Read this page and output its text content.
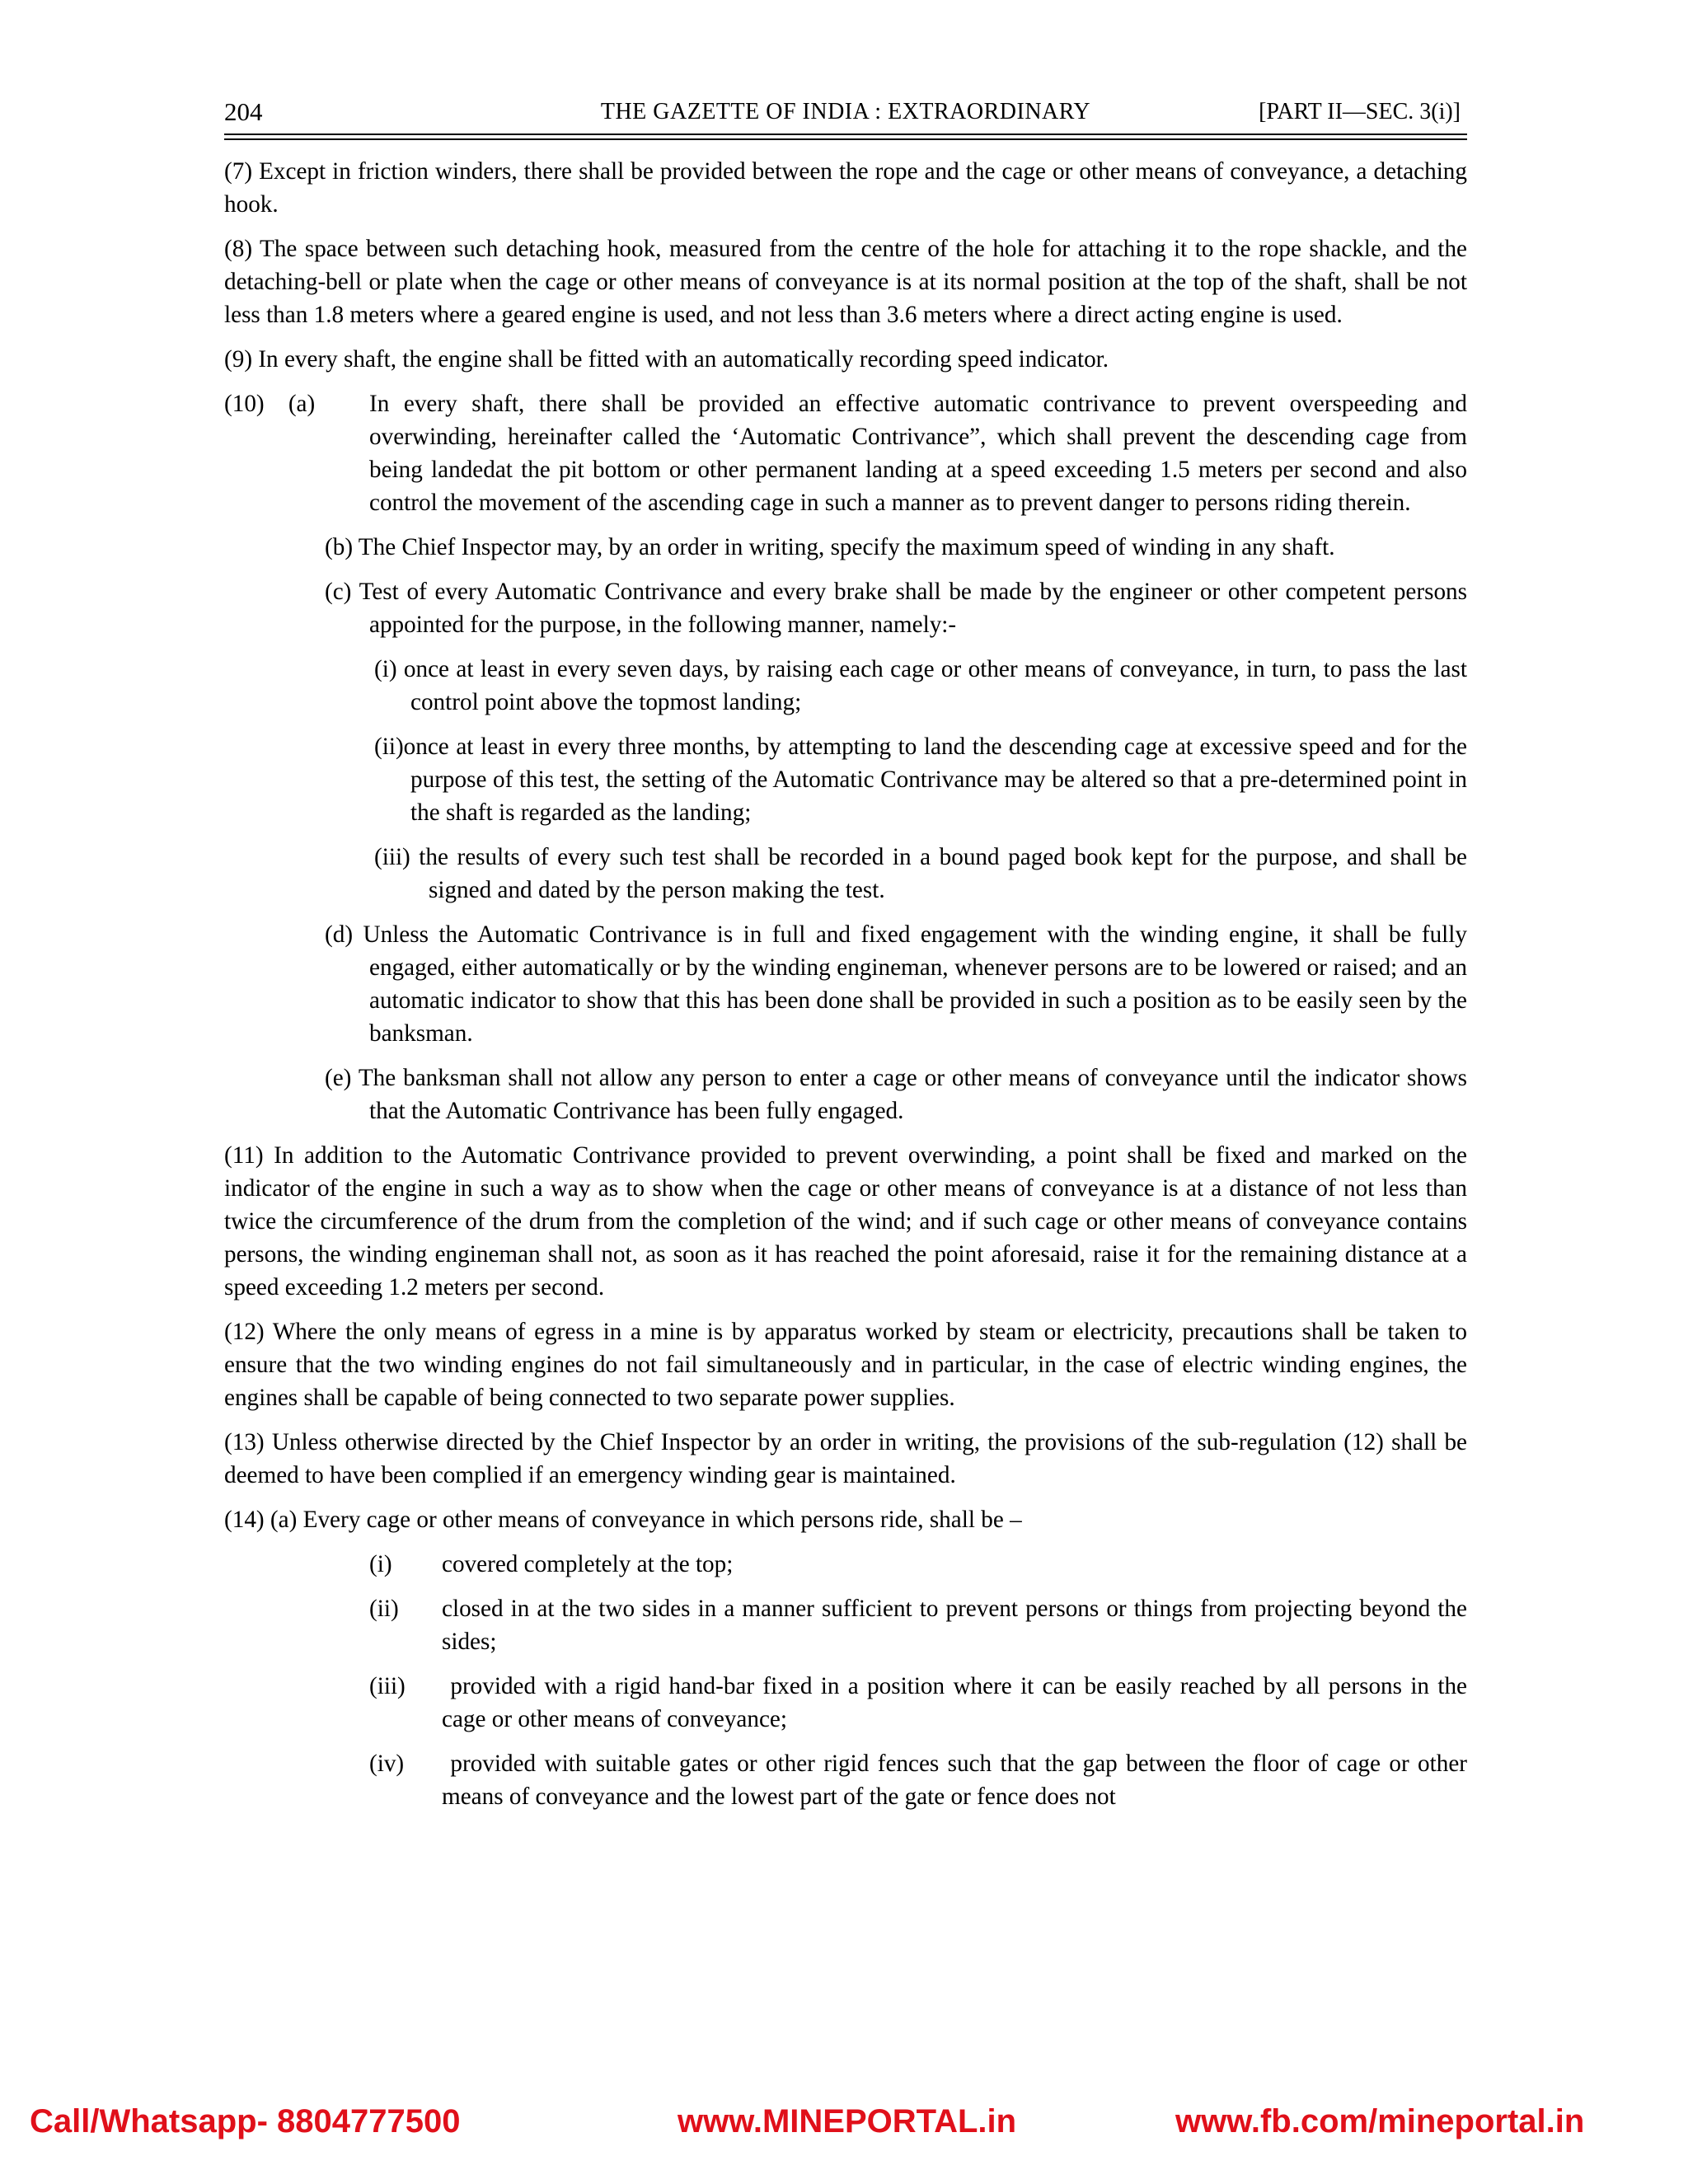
204	THE GAZETTE OF INDIA : EXTRAORDINARY	[PART II—SEC. 3(i)]

(7) Except in friction winders, there shall be provided between the rope and the cage or other means of conveyance, a detaching hook.

(8) The space between such detaching hook, measured from the centre of the hole for attaching it to the rope shackle, and the detaching-bell or plate when the cage or other means of conveyance is at its normal position at the top of the shaft, shall be not less than 1.8 meters where a geared engine is used, and not less than 3.6 meters where a direct acting engine is used.

(9) In every shaft, the engine shall be fitted with an automatically recording speed indicator.

(10)    (a)	In every shaft, there shall be provided an effective automatic contrivance to prevent overspeeding and overwinding, hereinafter called the ‘Automatic Contrivance”, which shall prevent the descending cage from being landedat the pit bottom or other permanent landing at a speed exceeding 1.5 meters per second and also control the movement of the ascending cage in such a manner as to prevent danger to persons riding therein.
(b) The Chief Inspector may, by an order in writing, specify the maximum speed of winding in any shaft.
(c) Test of every Automatic Contrivance and every brake shall be made by the engineer or other competent persons appointed for the purpose, in the following manner, namely:-
(i) once at least in every seven days, by raising each cage or other means of conveyance, in turn, to pass the last control point above the topmost landing;
(ii)once at least in every three months, by attempting to land the descending cage at excessive speed and for the purpose of this test, the setting of the Automatic Contrivance may be altered so that a pre-determined point in the shaft is regarded as the landing;
(iii) the results of every such test shall be recorded in a bound paged book kept for the purpose, and shall be signed and dated by the person making the test.
(d) Unless the Automatic Contrivance is in full and fixed engagement with the winding engine, it shall be fully engaged, either automatically or by the winding engineman, whenever persons are to be lowered or raised; and an automatic indicator to show that this has been done shall be provided in such a position as to be easily seen by the banksman.
(e) The banksman shall not allow any person to enter a cage or other means of conveyance until the indicator shows that the Automatic Contrivance has been fully engaged.

(11) In addition to the Automatic Contrivance provided to prevent overwinding, a point shall be fixed and marked on the indicator of the engine in such a way as to show when the cage or other means of conveyance is at a distance of not less than twice the circumference of the drum from the completion of the wind; and if such cage or other means of conveyance contains persons, the winding engineman shall not, as soon as it has reached the point aforesaid, raise it for the remaining distance at a speed exceeding 1.2 meters per second.

(12) Where the only means of egress in a mine is by apparatus worked by steam or electricity, precautions shall be taken to ensure that the two winding engines do not fail simultaneously and in particular, in the case of electric winding engines, the engines shall be capable of being connected to two separate power supplies.

(13) Unless otherwise directed by the Chief Inspector by an order in writing, the provisions of the sub-regulation (12) shall be deemed to have been complied if an emergency winding gear is maintained.

(14) (a) Every cage or other means of conveyance in which persons ride, shall be –

(i)	covered completely at the top;
(ii)	closed in at the two sides in a manner sufficient to prevent persons or things from projecting beyond the sides;
(iii)	provided with a rigid hand-bar fixed in a position where it can be easily reached by all persons in the cage or other means of conveyance;
(iv)	provided with suitable gates or other rigid fences such that the gap between the floor of cage or other means of conveyance and the lowest part of the gate or fence does not
Call/Whatsapp- 8804777500	www.MINEPORTAL.in	www.fb.com/mineportal.in
